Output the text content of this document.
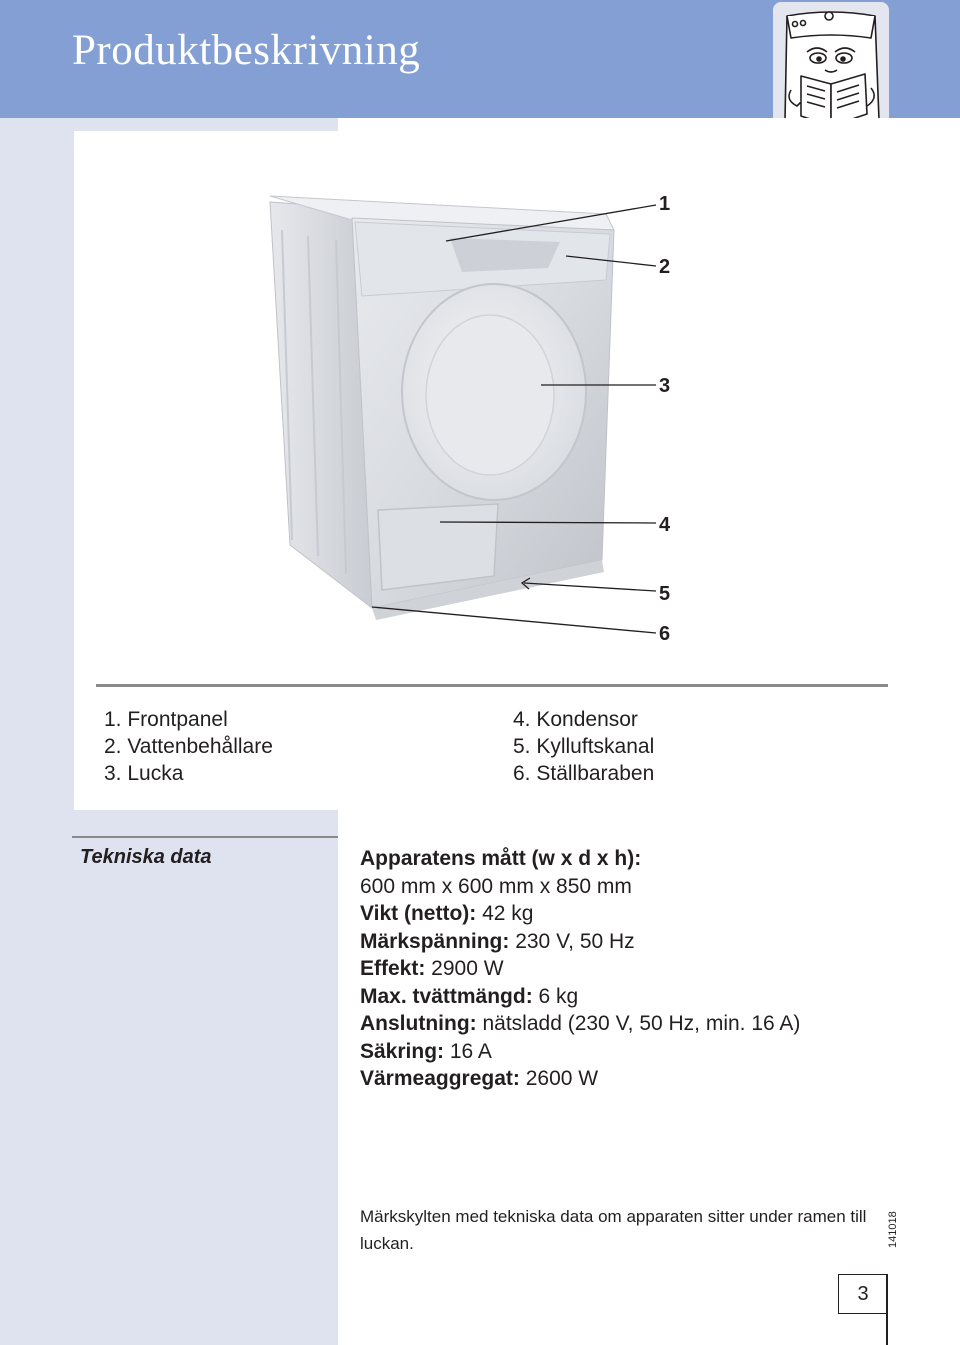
Produktbeskrivning
1
2
3
4
5
6
1. Frontpanel
2. Vattenbehållare
3. Lucka
4. Kondensor
5. Kylluftskanal
6. Ställbaraben
Tekniska data	Apparatens mått (w x d x h):
600 mm x 600 mm x 850 mm
Vikt (netto): 42 kg
Märkspänning: 230 V, 50 Hz
Effekt: 2900 W
Max. tvättmängd: 6 kg
Anslutning: nätsladd (230 V, 50 Hz, min. 16 A)
Säkring: 16 A
Värmeaggregat: 2600 W
Märkskylten med tekniska data om apparaten sitter under ramen till luckan.	141018
3
